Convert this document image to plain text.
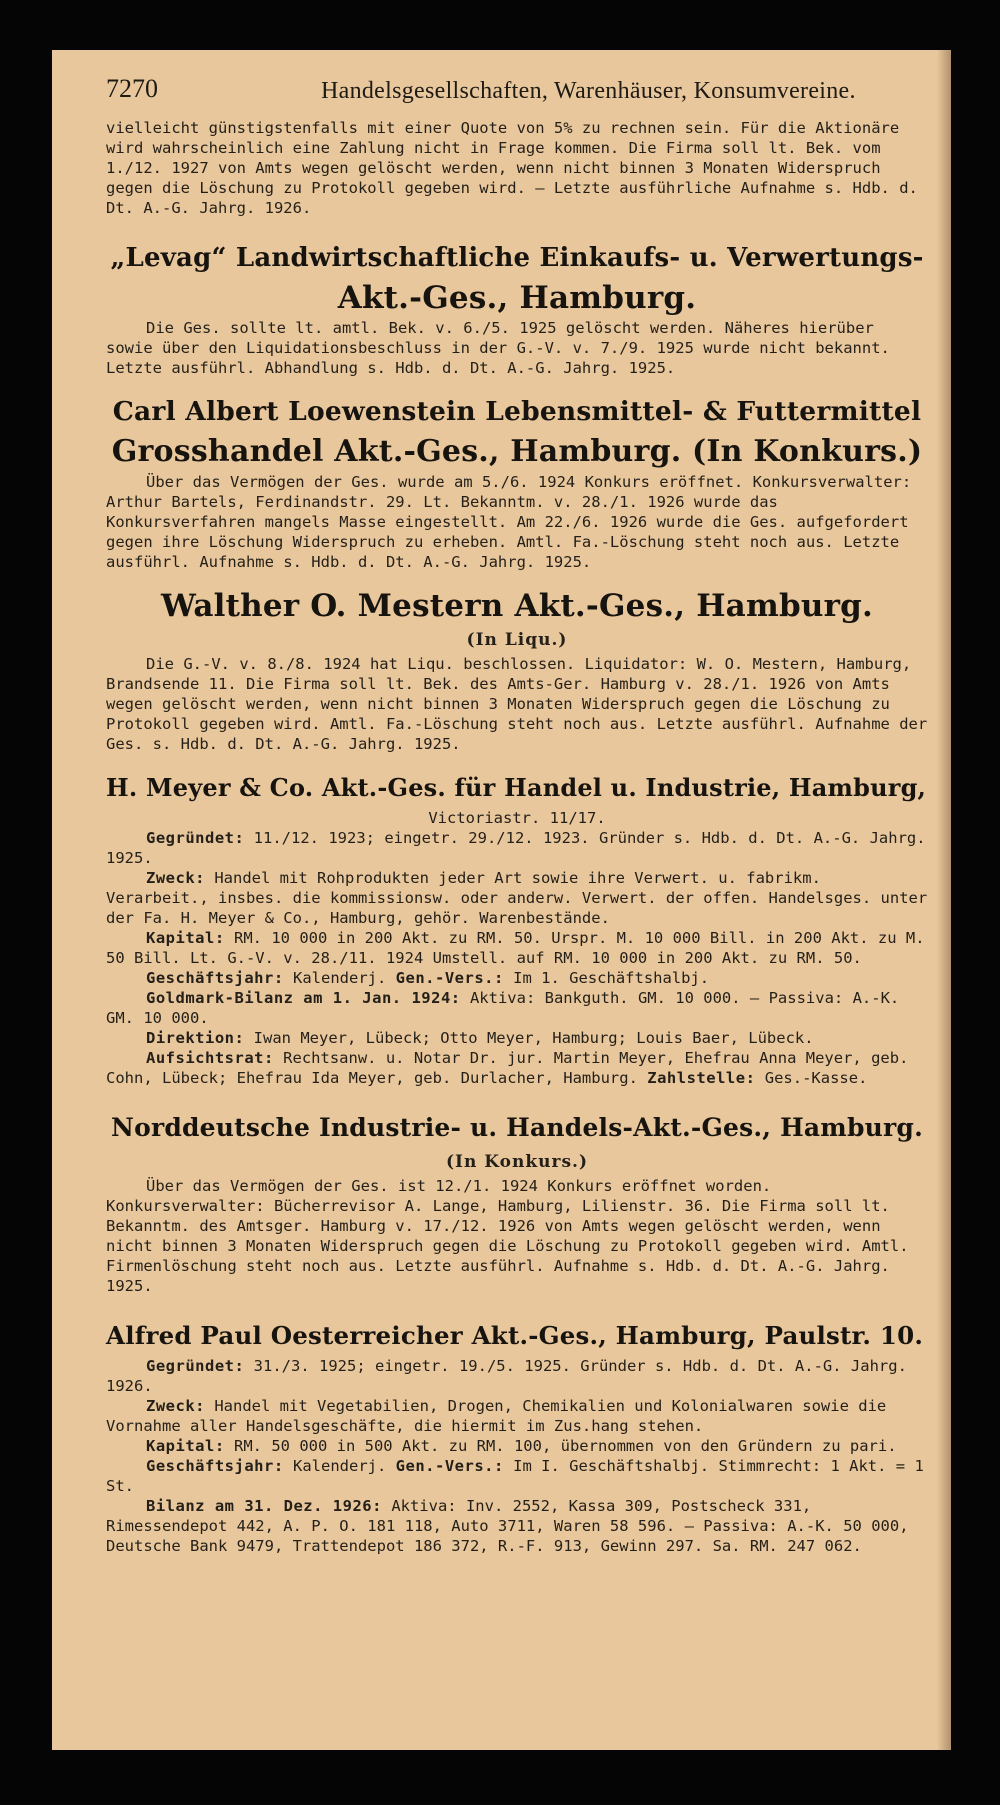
7270	Handelsgesellschaften, Warenhäuser, Konsumvereine.

vielleicht günstigstenfalls mit einer Quote von 5% zu rechnen sein. Für die Aktionäre wird wahrscheinlich eine Zahlung nicht in Frage kommen. Die Firma soll lt. Bek. vom 1./12. 1927 von Amts wegen gelöscht werden, wenn nicht binnen 3 Monaten Widerspruch gegen die Löschung zu Protokoll gegeben wird. — Letzte ausführliche Aufnahme s. Hdb. d. Dt. A.-G. Jahrg. 1926.

„Levag“ Landwirtschaftliche Einkaufs- u. Verwertungs-
Akt.-Ges., Hamburg.

Die Ges. sollte lt. amtl. Bek. v. 6./5. 1925 gelöscht werden. Näheres hierüber sowie über den Liquidationsbeschluss in der G.-V. v. 7./9. 1925 wurde nicht bekannt. Letzte ausführl. Abhandlung s. Hdb. d. Dt. A.-G. Jahrg. 1925.

Carl Albert Loewenstein Lebensmittel- & Futtermittel
Grosshandel Akt.-Ges., Hamburg. (In Konkurs.)

Über das Vermögen der Ges. wurde am 5./6. 1924 Konkurs eröffnet. Konkursverwalter: Arthur Bartels, Ferdinandstr. 29. Lt. Bekanntm. v. 28./1. 1926 wurde das Konkursverfahren mangels Masse eingestellt. Am 22./6. 1926 wurde die Ges. aufgefordert gegen ihre Löschung Widerspruch zu erheben. Amtl. Fa.-Löschung steht noch aus. Letzte ausführl. Aufnahme s. Hdb. d. Dt. A.-G. Jahrg. 1925.

Walther O. Mestern Akt.-Ges., Hamburg.
(In Liqu.)

Die G.-V. v. 8./8. 1924 hat Liqu. beschlossen. Liquidator: W. O. Mestern, Hamburg, Brandsende 11. Die Firma soll lt. Bek. des Amts-Ger. Hamburg v. 28./1. 1926 von Amts wegen gelöscht werden, wenn nicht binnen 3 Monaten Widerspruch gegen die Löschung zu Protokoll gegeben wird. Amtl. Fa.-Löschung steht noch aus. Letzte ausführl. Aufnahme der Ges. s. Hdb. d. Dt. A.-G. Jahrg. 1925.

H. Meyer & Co. Akt.-Ges. für Handel u. Industrie, Hamburg,
Victoriastr. 11/17.

Gegründet: 11./12. 1923; eingetr. 29./12. 1923. Gründer s. Hdb. d. Dt. A.-G. Jahrg. 1925.

Zweck: Handel mit Rohprodukten jeder Art sowie ihre Verwert. u. fabrikm. Verarbeit., insbes. die kommissionsw. oder anderw. Verwert. der offen. Handelsges. unter der Fa. H. Meyer & Co., Hamburg, gehör. Warenbestände.

Kapital: RM. 10 000 in 200 Akt. zu RM. 50. Urspr. M. 10 000 Bill. in 200 Akt. zu M. 50 Bill. Lt. G.-V. v. 28./11. 1924 Umstell. auf RM. 10 000 in 200 Akt. zu RM. 50.

Geschäftsjahr: Kalenderj. Gen.-Vers.: Im 1. Geschäftshalbj.

Goldmark-Bilanz am 1. Jan. 1924: Aktiva: Bankguth. GM. 10 000. — Passiva: A.-K. GM. 10 000.

Direktion: Iwan Meyer, Lübeck; Otto Meyer, Hamburg; Louis Baer, Lübeck.

Aufsichtsrat: Rechtsanw. u. Notar Dr. jur. Martin Meyer, Ehefrau Anna Meyer, geb. Cohn, Lübeck; Ehefrau Ida Meyer, geb. Durlacher, Hamburg. Zahlstelle: Ges.-Kasse.

Norddeutsche Industrie- u. Handels-Akt.-Ges., Hamburg.
(In Konkurs.)

Über das Vermögen der Ges. ist 12./1. 1924 Konkurs eröffnet worden. Konkursverwalter: Bücherrevisor A. Lange, Hamburg, Lilienstr. 36. Die Firma soll lt. Bekanntm. des Amtsger. Hamburg v. 17./12. 1926 von Amts wegen gelöscht werden, wenn nicht binnen 3 Monaten Widerspruch gegen die Löschung zu Protokoll gegeben wird. Amtl. Firmenlöschung steht noch aus. Letzte ausführl. Aufnahme s. Hdb. d. Dt. A.-G. Jahrg. 1925.

Alfred Paul Oesterreicher Akt.-Ges., Hamburg, Paulstr. 10.

Gegründet: 31./3. 1925; eingetr. 19./5. 1925. Gründer s. Hdb. d. Dt. A.-G. Jahrg. 1926.

Zweck: Handel mit Vegetabilien, Drogen, Chemikalien und Kolonialwaren sowie die Vornahme aller Handelsgeschäfte, die hiermit im Zus.hang stehen.

Kapital: RM. 50 000 in 500 Akt. zu RM. 100, übernommen von den Gründern zu pari.

Geschäftsjahr: Kalenderj. Gen.-Vers.: Im I. Geschäftshalbj. Stimmrecht: 1 Akt. = 1 St.

Bilanz am 31. Dez. 1926: Aktiva: Inv. 2552, Kassa 309, Postscheck 331, Rimessendepot 442, A. P. O. 181 118, Auto 3711, Waren 58 596. — Passiva: A.-K. 50 000, Deutsche Bank 9479, Trattendepot 186 372, R.-F. 913, Gewinn 297. Sa. RM. 247 062.
